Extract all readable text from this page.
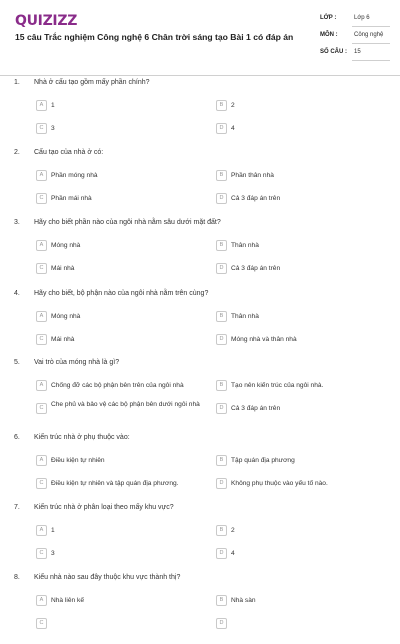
QUIZIZZ
15 câu Trắc nghiệm Công nghệ 6 Chân trời sáng tạo Bài 1 có đáp án
LỚP :	Lớp 6
MÔN :	Công nghệ
SỐ CÂU : 15
1. Nhà ở cấu tạo gồm mấy phần chính?
A	1	B	2
C	3	D	4
2. Cấu tạo của nhà ở có:
A	Phần móng nhà	B	Phần thân nhà
C	Phần mái nhà	D	Cả 3 đáp án trên
3. Hãy cho biết phần nào của ngôi nhà nằm sâu dưới mặt đất?
A	Móng nhà	B	Thân nhà
C	Mái nhà	D	Cả 3 đáp án trên
4. Hãy cho biết, bộ phận nào của ngôi nhà nằm trên cùng?
A	Móng nhà	B	Thân nhà
C	Mái nhà	D	Móng nhà và thân nhà
5. Vai trò của móng nhà là gì?
A	Chống đỡ các bộ phận bên trên của ngôi nhà	B	Tạo nên kiến trúc của ngôi nhà.
C	Che phủ và bảo vệ các bộ phận bên dưới ngôi nhà	D	Cả 3 đáp án trên
6. Kiến trúc nhà ở phụ thuộc vào:
A	Điều kiện tự nhiên	B	Tập quán địa phương
C	Điều kiện tự nhiên và tập quán địa phương.	D	Không phụ thuộc vào yếu tố nào.
7. Kiến trúc nhà ở phân loại theo mấy khu vực?
A	1	B	2
C	3	D	4
8. Kiểu nhà nào sau đây thuộc khu vực thành thị?
A	Nhà liên kế	B	Nhà sàn
C	D
